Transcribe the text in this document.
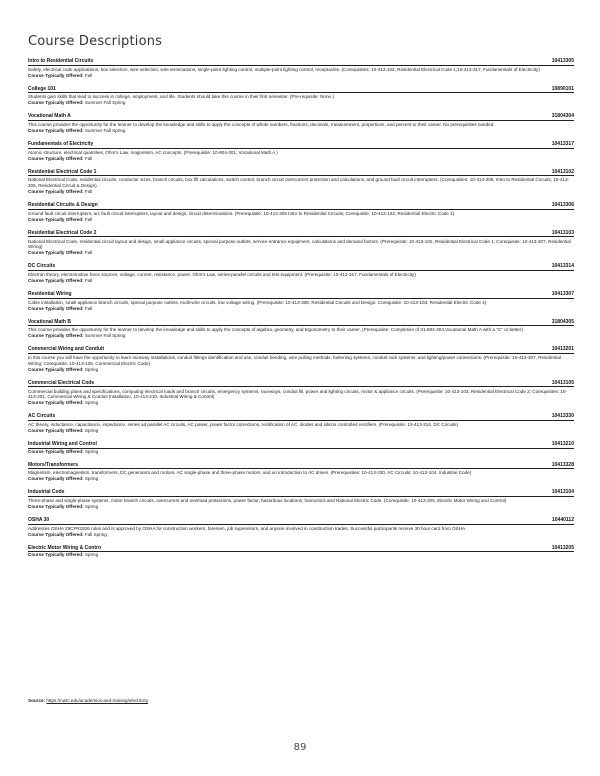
Course Descriptions
Intro to Residential Circuits	10413305
Safety, electrical code applications, box selection, wire selection, wire terminations, single-point lighting control, multiple-point lighting control, receptacles. (Corequisites: 10-413-102, Residential Electrical Code 1;10-413-317, Fundamentals of Electricity)
Course Typically Offered: Fall
College 101	10890101
Students gain skills that lead to success in college, employment, and life. Students should take this course in their first semester. (Pre-requisite: None.)
Course Typically Offered: Summer Fall Spring
Vocational Math A	31804304
This course provides the opportunity for the learner to develop the knowledge and skills to apply the concepts of whole numbers, fractions, decimals, measurement, proportions, and percent to their career. No prerequisites needed.
Course Typically Offered: Summer Fall Spring
Fundamentals of Electricity	10413317
Atomic structure, electrical quantities, Ohm's Law, magnetism, AC concepts. (Prerequisite: 10-804-301, Vocational Math A )
Course Typically Offered: Fall
Residential Electrical Code 1	10413102
National Electrical Code, residential circuits, conductor sizes, branch circuits, box fill calculations, switch control, branch circuit overcurrent protection and calculations, and ground fault circuit interrupters. (Corequisites: 10-413-305, Intro to Residential Circuits; 10-413-306, Residential Circuit & Design)
Course Typically Offered: Fall
Residential Circuits & Design	10413306
Ground fault circuit interrupters, arc fault circuit interrupters, layout and design, circuit determinations. (Prerequisite: 10-413-305 Intro to Residential Circuits; Corequisite: 10-413-102, Residential Electric Code 1)
Course Typically Offered: Fall
Residential Electrical Code 2	10413103
National Electrical Code, residential circuit layout and design, small appliance circuits, special purpose outlets, service entrance equipment, calculations and demand factors. (Prerequisite: 10-413-102, Residential Electrical Code 1; Corequisite: 10-413-307, Residential Wiring)
Course Typically Offered: Fall
DC Circuits	10413314
Electron theory, electromotive force sources, voltage, current, resistance, power, Ohm's Law, series-parallel circuits and test equipment. (Prerequisite: 10-413-317, Fundamentals of Electricity)
Course Typically Offered: Fall
Residential Wiring	10413307
Cable installation, small appliance branch circuits, special purpose outlets, multi-wire circuits, low voltage wiring. (Prerequisite: 10-413-306, Residential Circuits and Design. Corequisite: 10-413-103, Residential Electric Code 2)
Course Typically Offered: Fall
Vocational Math B	31804305
This course provides the opportunity for the learner to develop the knowledge and skills to apply the concepts of algebra, geometry, and trigonometry to their career. (Prerequisite: Completion of 31-804-304 Vocational Math A with a "C" or better)
Course Typically Offered: Summer Fall Spring
Commercial Wiring and Conduit	10413201
In this course you will have the opportunity to learn raceway installations, conduit fittings identification and use, conduit bending, wire pulling methods, fastening systems, conduit rack systems, and lighting/power connections. (Prerequisite: 10-413-307, Residential Wiring; Corequisite: 10-413-105, Commercial Electric Code)
Course Typically Offered: Spring
Commercial Electrical Code	10413105
Commercial building plans and specifications, computing electrical loads and branch circuits, emergency systems, raceways, conduit fill, power and lighting circuits, motor & appliance circuits. (Prerequisite: 10-413-103, Residential Electrical Code 2; Corequisites: 10-413-201, Commercial Wiring & Conduit Installation, 10-413-210, Industrial Wiring & Control)
Course Typically Offered: Spring
AC Circuits	10413330
AC theory, inductance, capacitance, impedance, series ad parallel AC circuits, AC power, power factor corrections, rectification of AC, diodes and silicon controlled rectifiers. (Prerequisite: 10-413-314, DC Circuits)
Course Typically Offered: Spring
Industrial Wiring and Control	10413210
Course Typically Offered: Spring
Motors/Transformers	10413328
Magnetism, electromagnetism, transformers, DC generators and motors, AC single-phase and three-phase motors, and an introduction to AC drives. (Prerequisites: 10-413-330, AC Circuits; 10-413-104, Industrial Code)
Course Typically Offered: Spring
Industrial Code	10413104
Three-phase and single-phase systems, motor branch circuits, overcurrent and overload protections, power factor, hazardous locations, harmonics and National Electric Code. (Corequisite: 10-413-205, Electric Motor Wiring and Control)
Course Typically Offered: Spring
OSHA 30	10440112
Addresses OSHA 29CFR1926 rules and is approved by OSHA for construction workers, foremen, job supervisors, and anyone involved in construction trades. Successful participants receive 30 hour card from OSHA.
Course Typically Offered: Fall Spring
Electric Motor Wiring & Contro	10413205
Course Typically Offered: Spring
Source: https://nwtc.edu/academics-and-training/electricity
89
